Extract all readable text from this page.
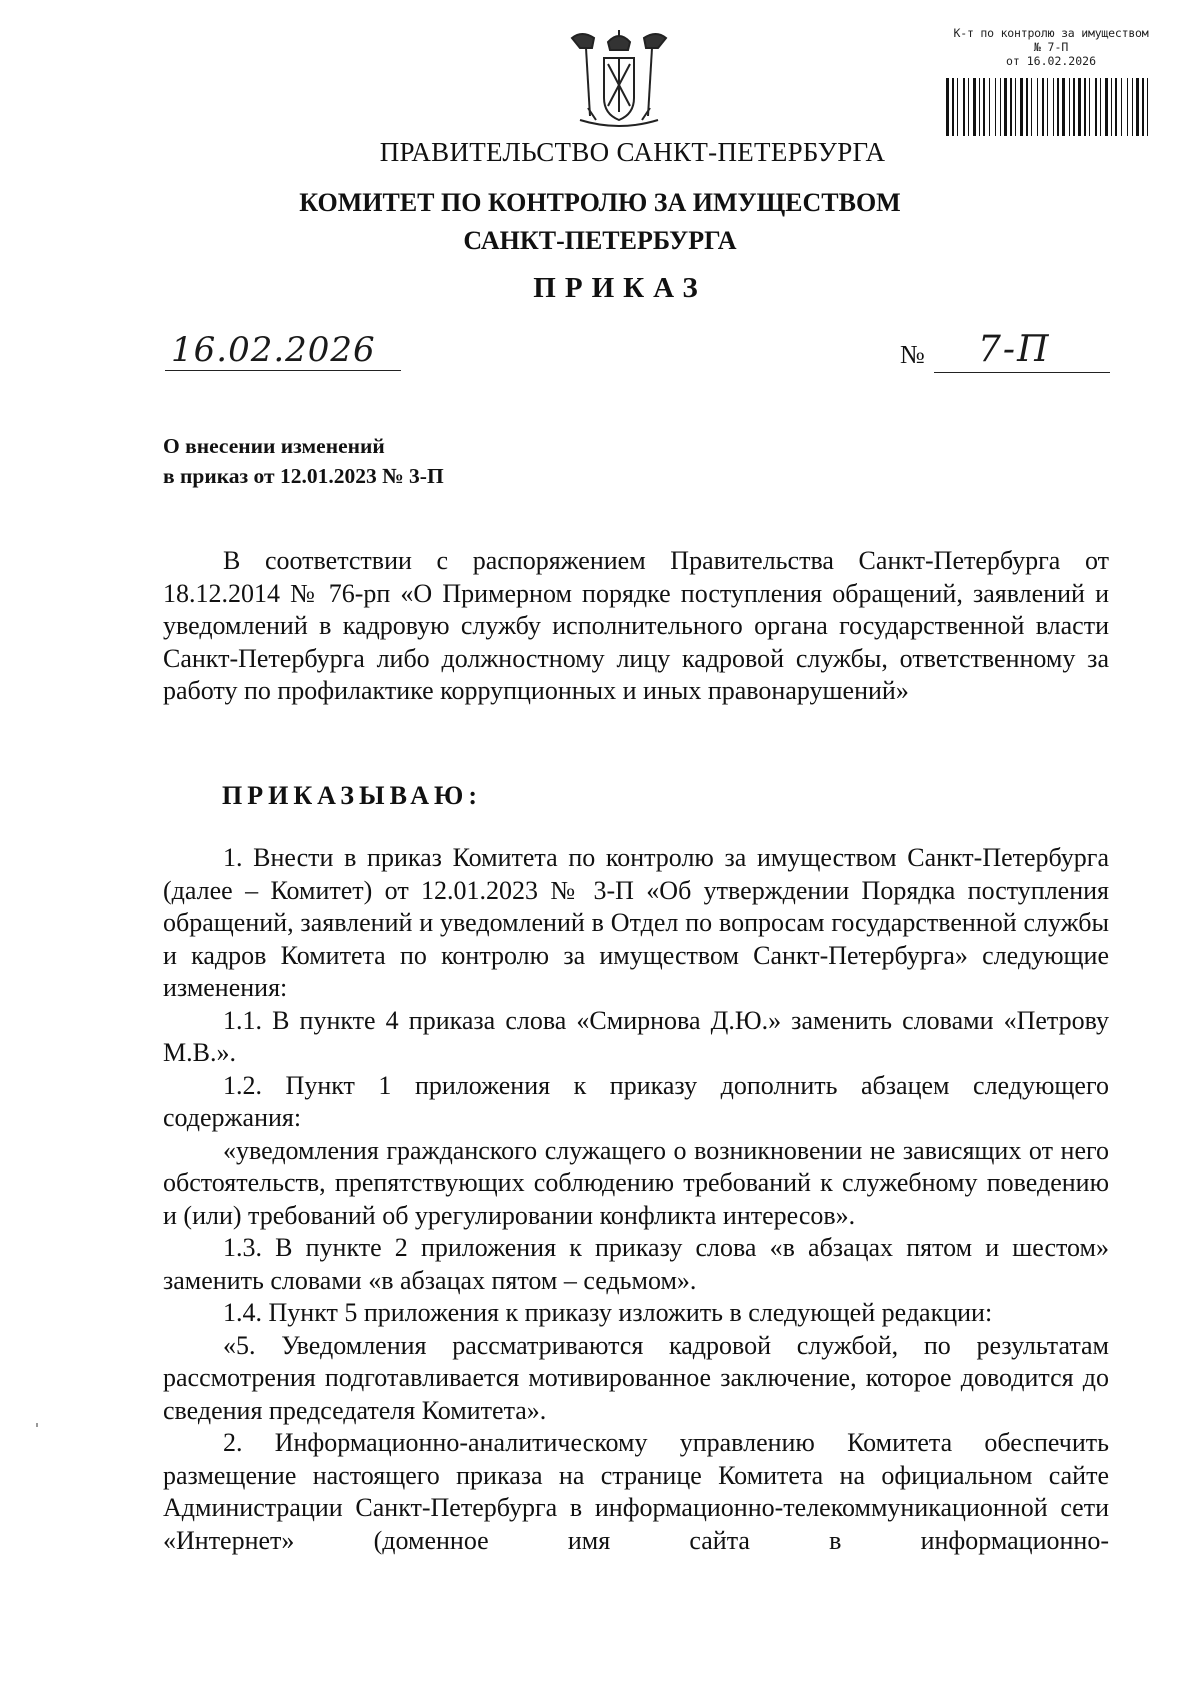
К-т по контролю за имуществом
№ 7-П
от 16.02.2026
ПРАВИТЕЛЬСТВО САНКТ-ПЕТЕРБУРГА
КОМИТЕТ ПО КОНТРОЛЮ ЗА ИМУЩЕСТВОМ
САНКТ-ПЕТЕРБУРГА
ПРИКАЗ
16.02.2026	№	7-П
О внесении изменений
в приказ от 12.01.2023 № 3-П

В соответствии с распоряжением Правительства Санкт-Петербурга от 18.12.2014 № 76-рп «О Примерном порядке поступления обращений, заявлений и уведомлений в кадровую службу исполнительного органа государственной власти Санкт-Петербурга либо должностному лицу кадровой службы, ответственному за работу по профилактике коррупционных и иных правонарушений»

ПРИКАЗЫВАЮ:

1. Внести в приказ Комитета по контролю за имуществом Санкт-Петербурга (далее – Комитет) от 12.01.2023 № 3-П «Об утверждении Порядка поступления обращений, заявлений и уведомлений в Отдел по вопросам государственной службы и кадров Комитета по контролю за имуществом Санкт-Петербурга» следующие изменения:

1.1. В пункте 4 приказа слова «Смирнова Д.Ю.» заменить словами «Петрову М.В.».

1.2. Пункт 1 приложения к приказу дополнить абзацем следующего содержания:

«уведомления гражданского служащего о возникновении не зависящих от него обстоятельств, препятствующих соблюдению требований к служебному поведению и (или) требований об урегулировании конфликта интересов».

1.3. В пункте 2 приложения к приказу слова «в абзацах пятом и шестом» заменить словами «в абзацах пятом – седьмом».

1.4. Пункт 5 приложения к приказу изложить в следующей редакции:

«5. Уведомления рассматриваются кадровой службой, по результатам рассмотрения подготавливается мотивированное заключение, которое доводится до сведения председателя Комитета».

2. Информационно-аналитическому управлению Комитета обеспечить размещение настоящего приказа на странице Комитета на официальном сайте Администрации Санкт-Петербурга в информационно-телекоммуникационной сети «Интернет» (доменное имя сайта в информационно-
